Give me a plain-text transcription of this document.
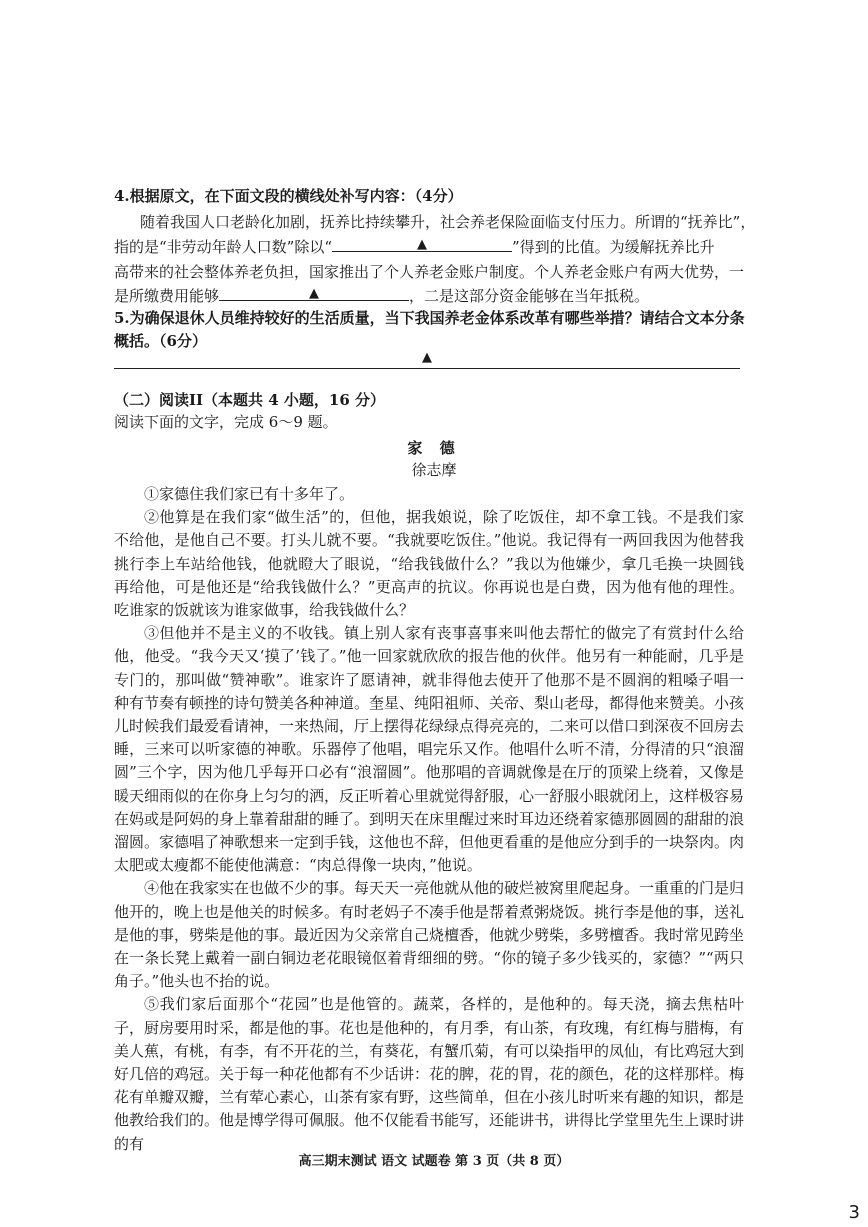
4.根据原文，在下面文段的横线处补写内容：（4分）
随着我国人口老龄化加剧，抚养比持续攀升，社会养老保险面临支付压力。所谓的“抚养比”，
指的是“非劳动年龄人口数”除以“	▲	”得到的比值。为缓解抚养比升
高带来的社会整体养老负担，国家推出了个人养老金账户制度。个人养老金账户有两大优势，一
是所缴费用能够	▲	，二是这部分资金能够在当年抵税。
5.为确保退休人员维持较好的生活质量，当下我国养老金体系改革有哪些举措？请结合文本分条
概括。（6分）
▲
（二）阅读II（本题共 4 小题，16 分）
阅读下面的文字，完成 6～9 题。
家 德
徐志摩

①家德住我们家已有十多年了。

②他算是在我们家“做生活”的，但他，据我娘说，除了吃饭住，却不拿工钱。不是我们家不给他，是他自己不要。打头儿就不要。“我就要吃饭住。”他说。我记得有一两回我因为他替我挑行李上车站给他钱，他就瞪大了眼说，“给我钱做什么？”我以为他嫌少，拿几毛换一块圆钱再给他，可是他还是“给我钱做什么？”更高声的抗议。你再说也是白费，因为他有他的理性。吃谁家的饭就该为谁家做事，给我钱做什么？

③但他并不是主义的不收钱。镇上别人家有丧事喜事来叫他去帮忙的做完了有赏封什么给他，他受。“我今天又‘摸了’钱了。”他一回家就欣欣的报告他的伙伴。他另有一种能耐，几乎是专门的，那叫做“赞神歌”。谁家许了愿请神，就非得他去使开了他那不是不圆润的粗嗓子唱一种有节奏有顿挫的诗句赞美各种神道。奎星、纯阳祖师、关帝、梨山老母，都得他来赞美。小孩儿时候我们最爱看请神，一来热闹，厅上摆得花绿绿点得亮亮的，二来可以借口到深夜不回房去睡，三来可以听家德的神歌。乐器停了他唱，唱完乐又作。他唱什么听不清，分得清的只“浪溜圆”三个字，因为他几乎每开口必有“浪溜圆”。他那唱的音调就像是在厅的顶梁上绕着，又像是暖天细雨似的在你身上匀匀的洒，反正听着心里就觉得舒服，心一舒服小眼就闭上，这样极容易在妈或是阿妈的身上靠着甜甜的睡了。到明天在床里醒过来时耳边还绕着家德那圆圆的甜甜的浪溜圆。家德唱了神歌想来一定到手钱，这他也不辞，但他更看重的是他应分到手的一块祭肉。肉太肥或太瘦都不能使他满意：“肉总得像一块肉，”他说。

④他在我家实在也做不少的事。每天天一亮他就从他的破烂被窝里爬起身。一重重的门是归他开的，晚上也是他关的时候多。有时老妈子不凑手他是帮着煮粥烧饭。挑行李是他的事，送礼是他的事，劈柴是他的事。最近因为父亲常自己烧檀香，他就少劈柴，多劈檀香。我时常见跨坐在一条长凳上戴着一副白铜边老花眼镜伛着背细细的劈。“你的镜子多少钱买的，家德？”“两只角子。”他头也不抬的说。

⑤我们家后面那个“花园”也是他管的。蔬菜，各样的，是他种的。每天浇，摘去焦枯叶子，厨房要用时采，都是他的事。花也是他种的，有月季，有山茶，有玫瑰，有红梅与腊梅，有美人蕉，有桃，有李，有不开花的兰，有葵花，有蟹爪菊，有可以染指甲的凤仙，有比鸡冠大到好几倍的鸡冠。关于每一种花他都有不少话讲：花的脾，花的胃，花的颜色，花的这样那样。梅花有单瓣双瓣，兰有荤心素心，山茶有家有野，这些简单，但在小孩儿时听来有趣的知识，都是他教给我们的。他是博学得可佩服。他不仅能看书能写，还能讲书，讲得比学堂里先生上课时讲的有

高三期末测试 语文 试题卷 第 3 页（共 8 页）
3
